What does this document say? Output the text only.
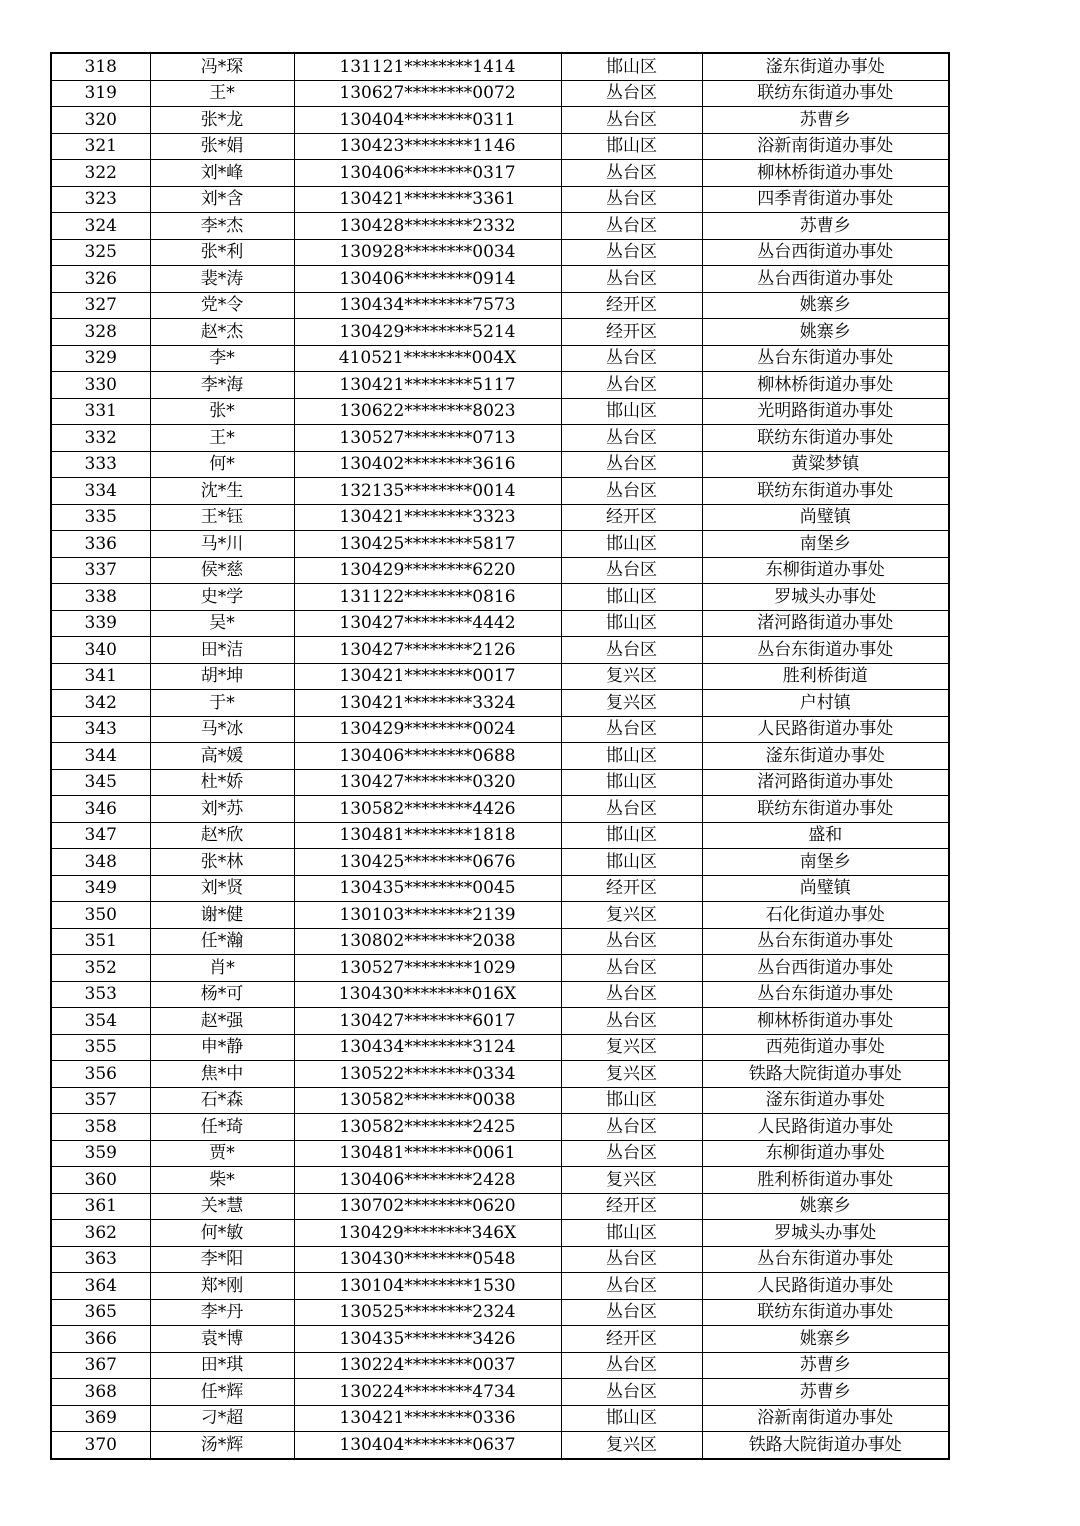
318	冯*琛	131121********1414	邯山区	滏东街道办事处
319	王*	130627********0072	丛台区	联纺东街道办事处
320	张*龙	130404********0311	丛台区	苏曹乡
321	张*娟	130423********1146	邯山区	浴新南街道办事处
322	刘*峰	130406********0317	丛台区	柳林桥街道办事处
323	刘*含	130421********3361	丛台区	四季青街道办事处
324	李*杰	130428********2332	丛台区	苏曹乡
325	张*利	130928********0034	丛台区	丛台西街道办事处
326	裴*涛	130406********0914	丛台区	丛台西街道办事处
327	党*令	130434********7573	经开区	姚寨乡
328	赵*杰	130429********5214	经开区	姚寨乡
329	李*	410521********004X	丛台区	丛台东街道办事处
330	李*海	130421********5117	丛台区	柳林桥街道办事处
331	张*	130622********8023	邯山区	光明路街道办事处
332	王*	130527********0713	丛台区	联纺东街道办事处
333	何*	130402********3616	丛台区	黄粱梦镇
334	沈*生	132135********0014	丛台区	联纺东街道办事处
335	王*钰	130421********3323	经开区	尚璧镇
336	马*川	130425********5817	邯山区	南堡乡
337	侯*慈	130429********6220	丛台区	东柳街道办事处
338	史*学	131122********0816	邯山区	罗城头办事处
339	吴*	130427********4442	邯山区	渚河路街道办事处
340	田*洁	130427********2126	丛台区	丛台东街道办事处
341	胡*坤	130421********0017	复兴区	胜利桥街道
342	于*	130421********3324	复兴区	户村镇
343	马*冰	130429********0024	丛台区	人民路街道办事处
344	高*媛	130406********0688	邯山区	滏东街道办事处
345	杜*娇	130427********0320	邯山区	渚河路街道办事处
346	刘*苏	130582********4426	丛台区	联纺东街道办事处
347	赵*欣	130481********1818	邯山区	盛和
348	张*林	130425********0676	邯山区	南堡乡
349	刘*贤	130435********0045	经开区	尚璧镇
350	谢*健	130103********2139	复兴区	石化街道办事处
351	任*瀚	130802********2038	丛台区	丛台东街道办事处
352	肖*	130527********1029	丛台区	丛台西街道办事处
353	杨*可	130430********016X	丛台区	丛台东街道办事处
354	赵*强	130427********6017	丛台区	柳林桥街道办事处
355	申*静	130434********3124	复兴区	西苑街道办事处
356	焦*中	130522********0334	复兴区	铁路大院街道办事处
357	石*森	130582********0038	邯山区	滏东街道办事处
358	任*琦	130582********2425	丛台区	人民路街道办事处
359	贾*	130481********0061	丛台区	东柳街道办事处
360	柴*	130406********2428	复兴区	胜利桥街道办事处
361	关*慧	130702********0620	经开区	姚寨乡
362	何*敏	130429********346X	邯山区	罗城头办事处
363	李*阳	130430********0548	丛台区	丛台东街道办事处
364	郑*刚	130104********1530	丛台区	人民路街道办事处
365	李*丹	130525********2324	丛台区	联纺东街道办事处
366	袁*博	130435********3426	经开区	姚寨乡
367	田*琪	130224********0037	丛台区	苏曹乡
368	任*辉	130224********4734	丛台区	苏曹乡
369	刁*超	130421********0336	邯山区	浴新南街道办事处
370	汤*辉	130404********0637	复兴区	铁路大院街道办事处
